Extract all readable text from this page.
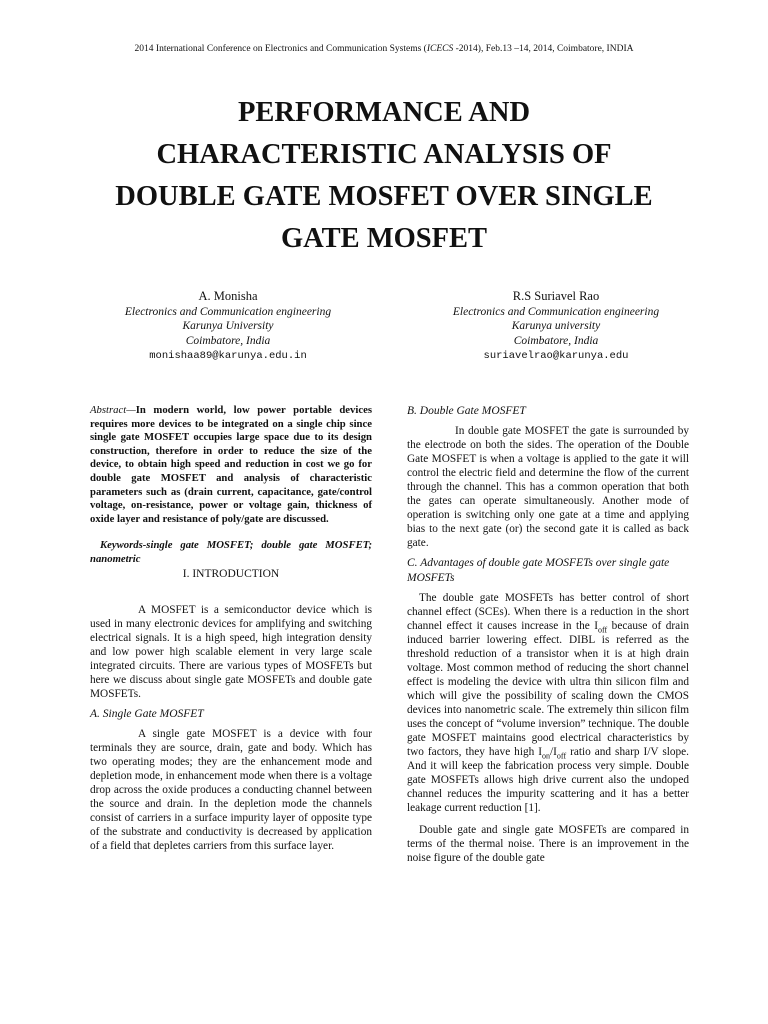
2014 International Conference on Electronics and Communication Systems (ICECS -2014), Feb.13 –14, 2014, Coimbatore, INDIA
PERFORMANCE AND
CHARACTERISTIC ANALYSIS OF
DOUBLE GATE MOSFET OVER SINGLE
GATE MOSFET
A. Monisha
Electronics and Communication engineering
Karunya University
Coimbatore, India
monishaa89@karunya.edu.in
R.S Suriavel Rao
Electronics and Communication engineering
Karunya university
Coimbatore, India
suriavelrao@karunya.edu

Abstract—In modern world, low power portable devices requires more devices to be integrated on a single chip since single gate MOSFET occupies large space due to its design construction, therefore in order to reduce the size of the device, to obtain high speed and reduction in cost we go for double gate MOSFET and analysis of characteristic parameters such as (drain current, capacitance, gate/control voltage, on-resistance, power or voltage gain, thickness of oxide layer and resistance of poly/gate are discussed.

Keywords-single gate MOSFET; double gate MOSFET; nanometric

I. INTRODUCTION

A MOSFET is a semiconductor device which is used in many electronic devices for amplifying and switching electrical signals. It is a high speed, high integration density and low power high scalable element in very large scale integrated circuits. There are various types of MOSFETs but here we discuss about single gate MOSFETs and double gate MOSFETs.

A. Single Gate MOSFET

A single gate MOSFET is a device with four terminals they are source, drain, gate and body. Which has two operating modes; they are the enhancement mode and depletion mode, in enhancement mode when there is a voltage drop across the oxide produces a conducting channel between the source and drain. In the depletion mode the channels consist of carriers in a surface impurity layer of opposite type of the substrate and conductivity is decreased by application of a field that depletes carriers from this surface layer.

B. Double Gate MOSFET

In double gate MOSFET the gate is surrounded by the electrode on both the sides. The operation of the Double Gate MOSFET is when a voltage is applied to the gate it will control the electric field and determine the flow of the current through the channel. This has a common operation that both the gates can operate simultaneously. Another mode of operation is switching only one gate at a time and applying bias to the next gate (or) the second gate it is called as back gate.

C. Advantages of double gate MOSFETs over single gate MOSFETs

The double gate MOSFETs has better control of short channel effect (SCEs). When there is a reduction in the short channel effect it causes increase in the $I_{off}$ because of drain induced barrier lowering effect. DIBL is referred as the threshold reduction of a transistor when it is at high drain voltage. Most common method of reducing the short channel effect is modeling the device with ultra thin silicon film and which will give the possibility of scaling down the CMOS devices into nanometric scale. The extremely thin silicon film uses the concept of “volume inversion” technique. The double gate MOSFET maintains good electrical characteristics by two factors, they have high $I_{on}/I_{off}$ ratio and sharp I/V slope. And it will keep the fabrication process very simple. Double gate MOSFETs allows high drive current also the undoped channel reduces the impurity scattering and it has a better leakage current reduction [1].

Double gate and single gate MOSFETs are compared in terms of the thermal noise. There is an improvement in the noise figure of the double gate
